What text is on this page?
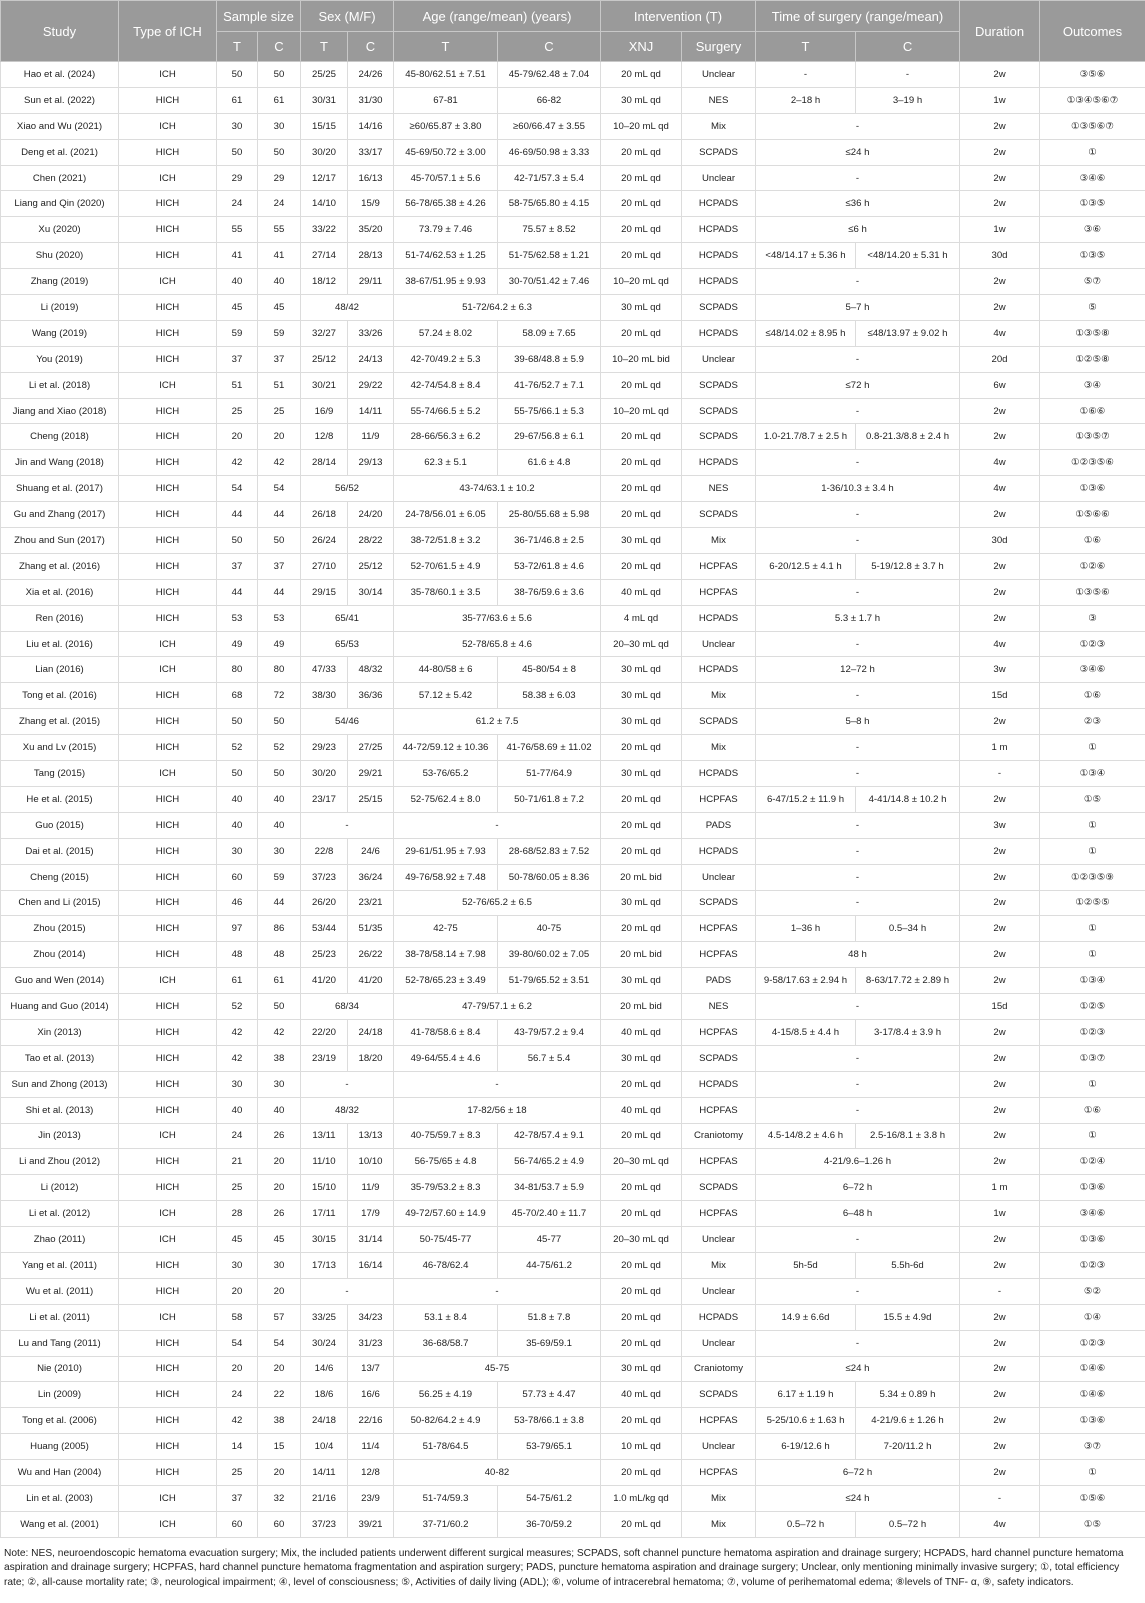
Study	Type of ICH	Sample size		Sex (M/F)		Age (range/mean) (years)		Intervention (T)		Time of surgery (range/mean)		Duration	Outcomes
		T	C	T	C	T	C	XNJ	Surgery	T	C		
Hao et al. (2024)	ICH	50	50	25/25	24/26	45-80/62.51 ± 7.51	45-79/62.48 ± 7.04	20 mL qd	Unclear	-	-	2w	③⑤⑥
Sun et al. (2022)	HICH	61	61	30/31	31/30	67-81	66-82	30 mL qd	NES	2–18 h	3–19 h	1w	①③④⑤⑥⑦
Xiao and Wu (2021)	ICH	30	30	15/15	14/16	≥60/65.87 ± 3.80	≥60/66.47 ± 3.55	10–20 mL qd	Mix	-		2w	①③⑤⑥⑦
Deng et al. (2021)	HICH	50	50	30/20	33/17	45-69/50.72 ± 3.00	46-69/50.98 ± 3.33	20 mL qd	SCPADS	≤24 h		2w	①
Chen (2021)	ICH	29	29	12/17	16/13	45-70/57.1 ± 5.6	42-71/57.3 ± 5.4	20 mL qd	Unclear	-		2w	③④⑥
Liang and Qin (2020)	HICH	24	24	14/10	15/9	56-78/65.38 ± 4.26	58-75/65.80 ± 4.15	20 mL qd	HCPADS	≤36 h		2w	①③⑤
Xu (2020)	HICH	55	55	33/22	35/20	73.79 ± 7.46	75.57 ± 8.52	20 mL qd	HCPADS	≤6 h		1w	③⑥
Shu (2020)	HICH	41	41	27/14	28/13	51-74/62.53 ± 1.25	51-75/62.58 ± 1.21	20 mL qd	HCPADS	<48/14.17 ± 5.36 h	<48/14.20 ± 5.31 h	30d	①③⑤
Zhang (2019)	ICH	40	40	18/12	29/11	38-67/51.95 ± 9.93	30-70/51.42 ± 7.46	10–20 mL qd	HCPADS	-		2w	⑤⑦
Li (2019)	HICH	45	45	48/42		51-72/64.2 ± 6.3		30 mL qd	SCPADS	5–7 h		2w	⑤
Wang (2019)	HICH	59	59	32/27	33/26	57.24 ± 8.02	58.09 ± 7.65	20 mL qd	HCPADS	≤48/14.02 ± 8.95 h	≤48/13.97 ± 9.02 h	4w	①③⑤⑧
You (2019)	HICH	37	37	25/12	24/13	42-70/49.2 ± 5.3	39-68/48.8 ± 5.9	10–20 mL bid	Unclear	-		20d	①②⑤⑧
Li et al. (2018)	ICH	51	51	30/21	29/22	42-74/54.8 ± 8.4	41-76/52.7 ± 7.1	20 mL qd	SCPADS	≤72 h		6w	③④
Jiang and Xiao (2018)	HICH	25	25	16/9	14/11	55-74/66.5 ± 5.2	55-75/66.1 ± 5.3	10–20 mL qd	SCPADS	-		2w	①⑥⑥
Cheng (2018)	HICH	20	20	12/8	11/9	28-66/56.3 ± 6.2	29-67/56.8 ± 6.1	20 mL qd	SCPADS	1.0-21.7/8.7 ± 2.5 h	0.8-21.3/8.8 ± 2.4 h	2w	①③⑤⑦
Jin and Wang (2018)	HICH	42	42	28/14	29/13	62.3 ± 5.1	61.6 ± 4.8	20 mL qd	HCPADS	-		4w	①②③⑤⑥
Shuang et al. (2017)	HICH	54	54	56/52		43-74/63.1 ± 10.2		20 mL qd	NES	1-36/10.3 ± 3.4 h		4w	①③⑥
Gu and Zhang (2017)	HICH	44	44	26/18	24/20	24-78/56.01 ± 6.05	25-80/55.68 ± 5.98	20 mL qd	SCPADS	-		2w	①⑤⑥⑥
Zhou and Sun (2017)	HICH	50	50	26/24	28/22	38-72/51.8 ± 3.2	36-71/46.8 ± 2.5	30 mL qd	Mix	-		30d	①⑥
Zhang et al. (2016)	HICH	37	37	27/10	25/12	52-70/61.5 ± 4.9	53-72/61.8 ± 4.6	20 mL qd	HCPFAS	6-20/12.5 ± 4.1 h	5-19/12.8 ± 3.7 h	2w	①②⑥
Xia et al. (2016)	HICH	44	44	29/15	30/14	35-78/60.1 ± 3.5	38-76/59.6 ± 3.6	40 mL qd	HCPFAS	-		2w	①③⑤⑥
Ren (2016)	HICH	53	53	65/41		35-77/63.6 ± 5.6		4 mL qd	HCPADS	5.3 ± 1.7 h		2w	③
Liu et al. (2016)	ICH	49	49	65/53		52-78/65.8 ± 4.6		20–30 mL qd	Unclear	-		4w	①②③
Lian (2016)	ICH	80	80	47/33	48/32	44-80/58 ± 6	45-80/54 ± 8	30 mL qd	HCPADS	12–72 h		3w	③④⑥
Tong et al. (2016)	HICH	68	72	38/30	36/36	57.12 ± 5.42	58.38 ± 6.03	30 mL qd	Mix	-		15d	①⑥
Zhang et al. (2015)	HICH	50	50	54/46		61.2 ± 7.5		30 mL qd	SCPADS	5–8 h		2w	②③
Xu and Lv (2015)	HICH	52	52	29/23	27/25	44-72/59.12 ± 10.36	41-76/58.69 ± 11.02	20 mL qd	Mix	-		1 m	①
Tang (2015)	ICH	50	50	30/20	29/21	53-76/65.2	51-77/64.9	30 mL qd	HCPADS	-		-	①③④
He et al. (2015)	HICH	40	40	23/17	25/15	52-75/62.4 ± 8.0	50-71/61.8 ± 7.2	20 mL qd	HCPFAS	6-47/15.2 ± 11.9 h	4-41/14.8 ± 10.2 h	2w	①⑤
Guo (2015)	HICH	40	40	-		-		20 mL qd	PADS	-		3w	①
Dai et al. (2015)	HICH	30	30	22/8	24/6	29-61/51.95 ± 7.93	28-68/52.83 ± 7.52	20 mL qd	HCPADS	-		2w	①
Cheng (2015)	HICH	60	59	37/23	36/24	49-76/58.92 ± 7.48	50-78/60.05 ± 8.36	20 mL bid	Unclear	-		2w	①②③⑤⑨
Chen and Li (2015)	HICH	46	44	26/20	23/21	52-76/65.2 ± 6.5		30 mL qd	SCPADS	-		2w	①②⑤⑤
Zhou (2015)	HICH	97	86	53/44	51/35	42-75	40-75	20 mL qd	HCPFAS	1–36 h	0.5–34 h	2w	①
Zhou (2014)	HICH	48	48	25/23	26/22	38-78/58.14 ± 7.98	39-80/60.02 ± 7.05	20 mL bid	HCPFAS	48 h		2w	①
Guo and Wen (2014)	ICH	61	61	41/20	41/20	52-78/65.23 ± 3.49	51-79/65.52 ± 3.51	30 mL qd	PADS	9-58/17.63 ± 2.94 h	8-63/17.72 ± 2.89 h	2w	①③④
Huang and Guo (2014)	HICH	52	50	68/34		47-79/57.1 ± 6.2		20 mL bid	NES	-		15d	①②⑤
Xin (2013)	HICH	42	42	22/20	24/18	41-78/58.6 ± 8.4	43-79/57.2 ± 9.4	40 mL qd	HCPFAS	4-15/8.5 ± 4.4 h	3-17/8.4 ± 3.9 h	2w	①②③
Tao et al. (2013)	HICH	42	38	23/19	18/20	49-64/55.4 ± 4.6	56.7 ± 5.4	30 mL qd	SCPADS	-		2w	①③⑦
Sun and Zhong (2013)	HICH	30	30	-		-		20 mL qd	HCPADS	-		2w	①
Shi et al. (2013)	HICH	40	40	48/32		17-82/56 ± 18		40 mL qd	HCPFAS	-		2w	①⑥
Jin (2013)	ICH	24	26	13/11	13/13	40-75/59.7 ± 8.3	42-78/57.4 ± 9.1	20 mL qd	Craniotomy	4.5-14/8.2 ± 4.6 h	2.5-16/8.1 ± 3.8 h	2w	①
Li and Zhou (2012)	HICH	21	20	11/10	10/10	56-75/65 ± 4.8	56-74/65.2 ± 4.9	20–30 mL qd	HCPFAS	4-21/9.6–1.26 h		2w	①②④
Li (2012)	HICH	25	20	15/10	11/9	35-79/53.2 ± 8.3	34-81/53.7 ± 5.9	20 mL qd	SCPADS	6–72 h		1 m	①③⑥
Li et al. (2012)	ICH	28	26	17/11	17/9	49-72/57.60 ± 14.9	45-70/2.40 ± 11.7	20 mL qd	HCPFAS	6–48 h		1w	③④⑥
Zhao (2011)	ICH	45	45	30/15	31/14	50-75/45-77	45-77	20–30 mL qd	Unclear	-		2w	①③⑥
Yang et al. (2011)	HICH	30	30	17/13	16/14	46-78/62.4	44-75/61.2	20 mL qd	Mix	5h-5d	5.5h-6d	2w	①②③
Wu et al. (2011)	HICH	20	20	-		-		20 mL qd	Unclear	-		-	⑤②
Li et al. (2011)	ICH	58	57	33/25	34/23	53.1 ± 8.4	51.8 ± 7.8	20 mL qd	HCPADS	14.9 ± 6.6d	15.5 ± 4.9d	2w	①④
Lu and Tang (2011)	HICH	54	54	30/24	31/23	36-68/58.7	35-69/59.1	20 mL qd	Unclear	-		2w	①②③
Nie (2010)	HICH	20	20	14/6	13/7	45-75		30 mL qd	Craniotomy	≤24 h		2w	①④⑥
Lin (2009)	HICH	24	22	18/6	16/6	56.25 ± 4.19	57.73 ± 4.47	40 mL qd	SCPADS	6.17 ± 1.19 h	5.34 ± 0.89 h	2w	①④⑥
Tong et al. (2006)	HICH	42	38	24/18	22/16	50-82/64.2 ± 4.9	53-78/66.1 ± 3.8	20 mL qd	HCPFAS	5-25/10.6 ± 1.63 h	4-21/9.6 ± 1.26 h	2w	①③⑥
Huang (2005)	HICH	14	15	10/4	11/4	51-78/64.5	53-79/65.1	10 mL qd	Unclear	6-19/12.6 h	7-20/11.2 h	2w	③⑦
Wu and Han (2004)	HICH	25	20	14/11	12/8	40-82		20 mL qd	HCPFAS	6–72 h		2w	①
Lin et al. (2003)	ICH	37	32	21/16	23/9	51-74/59.3	54-75/61.2	1.0 mL/kg qd	Mix	≤24 h		-	①⑤⑥
Wang et al. (2001)	ICH	60	60	37/23	39/21	37-71/60.2	36-70/59.2	20 mL qd	Mix	0.5–72 h	0.5–72 h	4w	①⑤
Note: NES, neuroendoscopic hematoma evacuation surgery; Mix, the included patients underwent different surgical measures; SCPADS, soft channel puncture hematoma aspiration and drainage surgery; HCPADS, hard channel puncture hematoma aspiration and drainage surgery; HCPFAS, hard channel puncture hematoma fragmentation and aspiration surgery; PADS, puncture hematoma aspiration and drainage surgery; Unclear, only mentioning minimally invasive surgery; ①, total efficiency rate; ②, all-cause mortality rate; ③, neurological impairment; ④, level of consciousness; ⑤, Activities of daily living (ADL); ⑥, volume of intracerebral hematoma; ⑦, volume of perihematomal edema; ⑧levels of TNF- α, ⑨, safety indicators.
